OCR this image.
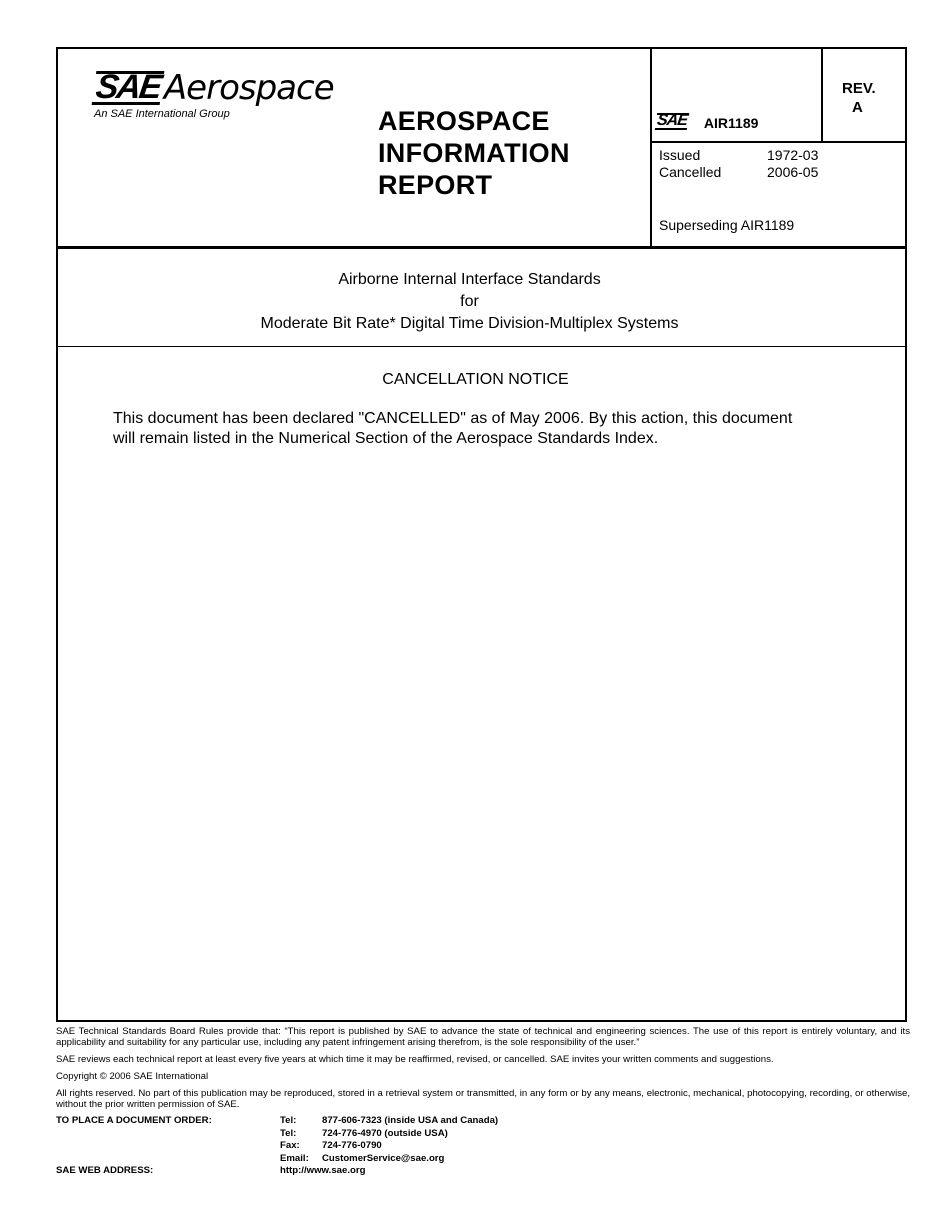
SAE Aerospace
An SAE International Group	AEROSPACE
INFORMATION
REPORT
SAE AIR1189
REV.
A
Issued	1972-03
Cancelled	2006-05
Superseding AIR1189
Airborne Internal Interface Standards
for
Moderate Bit Rate* Digital Time Division-Multiplex Systems
CANCELLATION NOTICE
This document has been declared "CANCELLED" as of May 2006. By this action, this document
will remain listed in the Numerical Section of the Aerospace Standards Index.

SAE Technical Standards Board Rules provide that: “This report is published by SAE to advance the state of technical and engineering sciences. The use of this report is entirely voluntary, and its applicability and suitability for any particular use, including any patent infringement arising therefrom, is the sole responsibility of the user.”

SAE reviews each technical report at least every five years at which time it may be reaffirmed, revised, or cancelled. SAE invites your written comments and suggestions.

Copyright © 2006 SAE International

All rights reserved. No part of this publication may be reproduced, stored in a retrieval system or transmitted, in any form or by any means, electronic, mechanical, photocopying, recording, or otherwise, without the prior written permission of SAE.

TO PLACE A DOCUMENT ORDER:	Tel:	877-606-7323 (inside USA and Canada)
Tel:	724-776-4970 (outside USA)
Fax:	724-776-0790
Email:	CustomerService@sae.org
SAE WEB ADDRESS:	http://www.sae.org
